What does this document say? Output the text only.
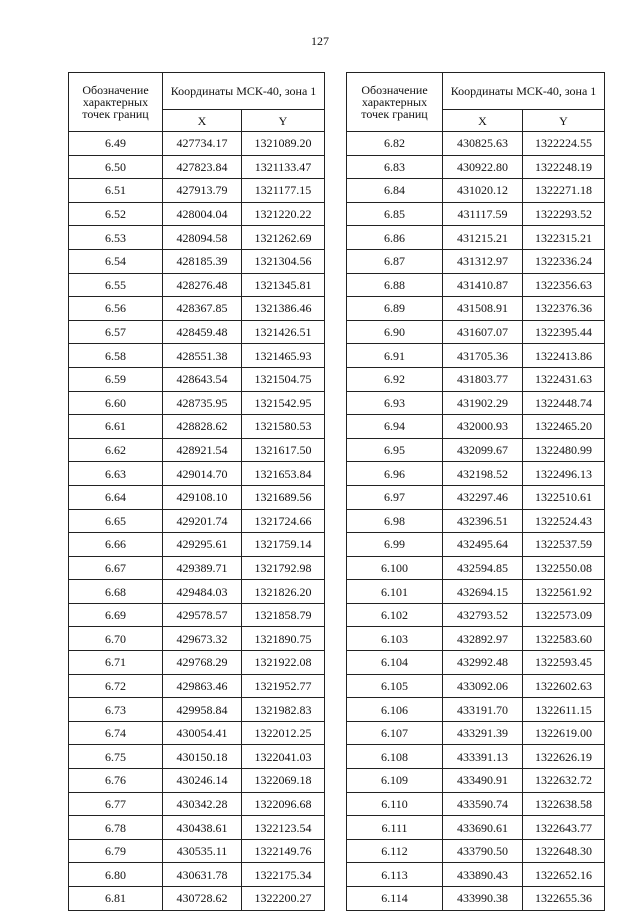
127
Обозначение характерных точек границ	Координаты МСК-40, зона 1	
	X	Y
6.49	427734.17	1321089.20
6.50	427823.84	1321133.47
6.51	427913.79	1321177.15
6.52	428004.04	1321220.22
6.53	428094.58	1321262.69
6.54	428185.39	1321304.56
6.55	428276.48	1321345.81
6.56	428367.85	1321386.46
6.57	428459.48	1321426.51
6.58	428551.38	1321465.93
6.59	428643.54	1321504.75
6.60	428735.95	1321542.95
6.61	428828.62	1321580.53
6.62	428921.54	1321617.50
6.63	429014.70	1321653.84
6.64	429108.10	1321689.56
6.65	429201.74	1321724.66
6.66	429295.61	1321759.14
6.67	429389.71	1321792.98
6.68	429484.03	1321826.20
6.69	429578.57	1321858.79
6.70	429673.32	1321890.75
6.71	429768.29	1321922.08
6.72	429863.46	1321952.77
6.73	429958.84	1321982.83
6.74	430054.41	1322012.25
6.75	430150.18	1322041.03
6.76	430246.14	1322069.18
6.77	430342.28	1322096.68
6.78	430438.61	1322123.54
6.79	430535.11	1322149.76
6.80	430631.78	1322175.34
6.81	430728.62	1322200.27
Обозначение характерных точек границ	Координаты МСК-40, зона 1	
	X	Y
6.82	430825.63	1322224.55
6.83	430922.80	1322248.19
6.84	431020.12	1322271.18
6.85	431117.59	1322293.52
6.86	431215.21	1322315.21
6.87	431312.97	1322336.24
6.88	431410.87	1322356.63
6.89	431508.91	1322376.36
6.90	431607.07	1322395.44
6.91	431705.36	1322413.86
6.92	431803.77	1322431.63
6.93	431902.29	1322448.74
6.94	432000.93	1322465.20
6.95	432099.67	1322480.99
6.96	432198.52	1322496.13
6.97	432297.46	1322510.61
6.98	432396.51	1322524.43
6.99	432495.64	1322537.59
6.100	432594.85	1322550.08
6.101	432694.15	1322561.92
6.102	432793.52	1322573.09
6.103	432892.97	1322583.60
6.104	432992.48	1322593.45
6.105	433092.06	1322602.63
6.106	433191.70	1322611.15
6.107	433291.39	1322619.00
6.108	433391.13	1322626.19
6.109	433490.91	1322632.72
6.110	433590.74	1322638.58
6.111	433690.61	1322643.77
6.112	433790.50	1322648.30
6.113	433890.43	1322652.16
6.114	433990.38	1322655.36
